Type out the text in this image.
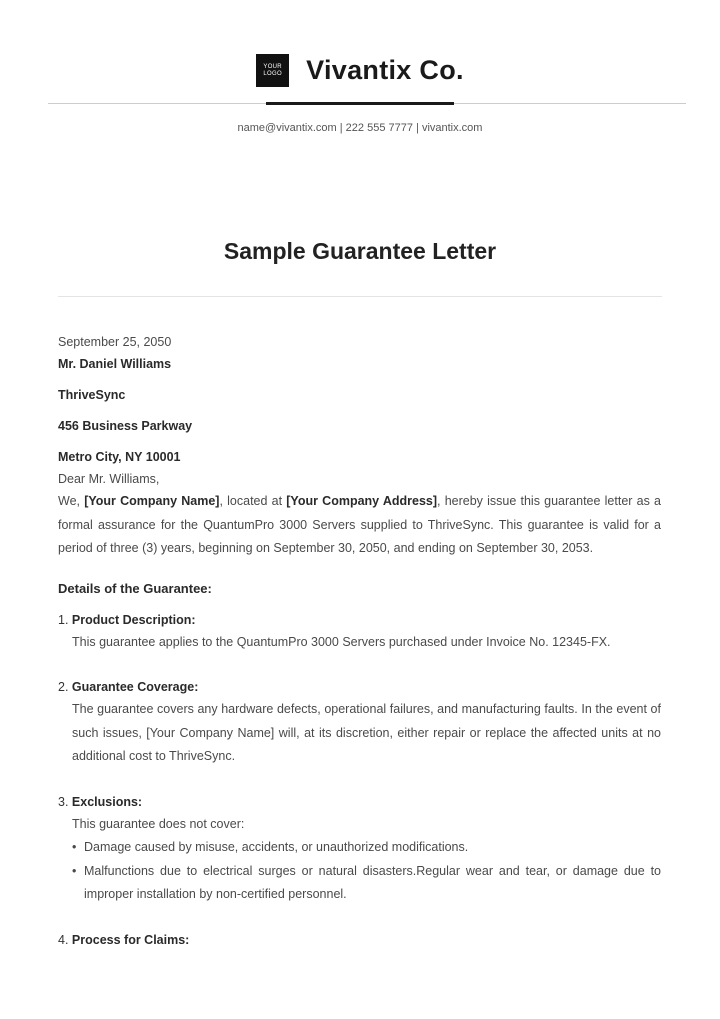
YOUR
LOGO Vivantix Co.
name@vivantix.com | 222 555 7777 | vivantix.com
Sample Guarantee Letter
September 25, 2050
Mr. Daniel Williams
ThriveSync
456 Business Parkway
Metro City, NY 10001
Dear Mr. Williams,
We, [Your Company Name], located at [Your Company Address], hereby issue this guarantee letter as a formal assurance for the QuantumPro 3000 Servers supplied to ThriveSync. This guarantee is valid for a period of three (3) years, beginning on September 30, 2050, and ending on September 30, 2053.
Details of the Guarantee:
1. Product Description:
This guarantee applies to the QuantumPro 3000 Servers purchased under Invoice No. 12345-FX.
2. Guarantee Coverage:
The guarantee covers any hardware defects, operational failures, and manufacturing faults. In the event of such issues, [Your Company Name] will, at its discretion, either repair or replace the affected units at no additional cost to ThriveSync.
3. Exclusions:
This guarantee does not cover:
• Damage caused by misuse, accidents, or unauthorized modifications.
• Malfunctions due to electrical surges or natural disasters.Regular wear and tear, or damage due to improper installation by non-certified personnel.
4. Process for Claims:
